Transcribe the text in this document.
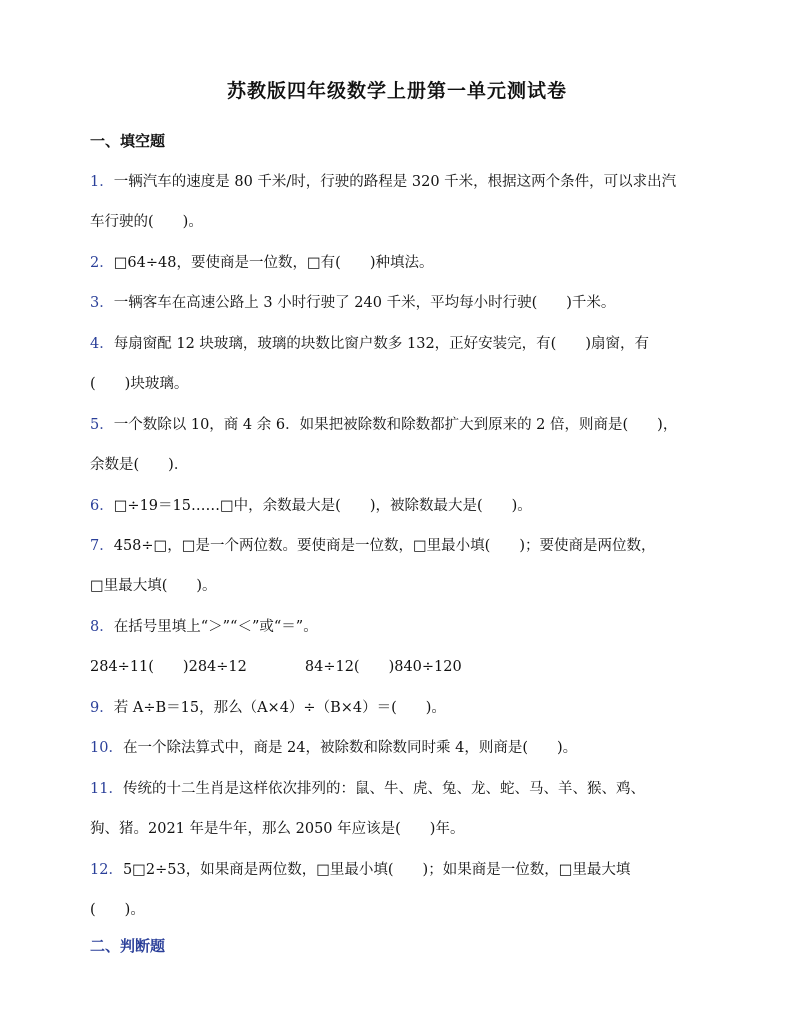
苏教版四年级数学上册第一单元测试卷
一、填空题
1．一辆汽车的速度是 80 千米/时，行驶的路程是 320 千米，根据这两个条件，可以求出汽
车行驶的(　　)。
2．□64÷48，要使商是一位数，□有(　　)种填法。
3．一辆客车在高速公路上 3 小时行驶了 240 千米，平均每小时行驶(　　)千米。
4．每扇窗配 12 块玻璃，玻璃的块数比窗户数多 132，正好安装完，有(　　)扇窗，有
(　　)块玻璃。
5．一个数除以 10，商 4 余 6．如果把被除数和除数都扩大到原来的 2 倍，则商是(　　)，
余数是(　　)．
6．□÷19＝15……□中，余数最大是(　　)，被除数最大是(　　)。
7．458÷□，□是一个两位数。要使商是一位数，□里最小填(　　)；要使商是两位数，
□里最大填(　　)。
8．在括号里填上“＞”“＜”或“＝”。
284÷11(　　)284÷12　　　　84÷12(　　)840÷120
9．若 A÷B＝15，那么（A×4）÷（B×4）＝(　　)。
10．在一个除法算式中，商是 24，被除数和除数同时乘 4，则商是(　　)。
11．传统的十二生肖是这样依次排列的：鼠、牛、虎、兔、龙、蛇、马、羊、猴、鸡、
狗、猪。2021 年是牛年，那么 2050 年应该是(　　)年。
12．5□2÷53，如果商是两位数，□里最小填(　　)；如果商是一位数，□里最大填
(　　)。
二、判断题
